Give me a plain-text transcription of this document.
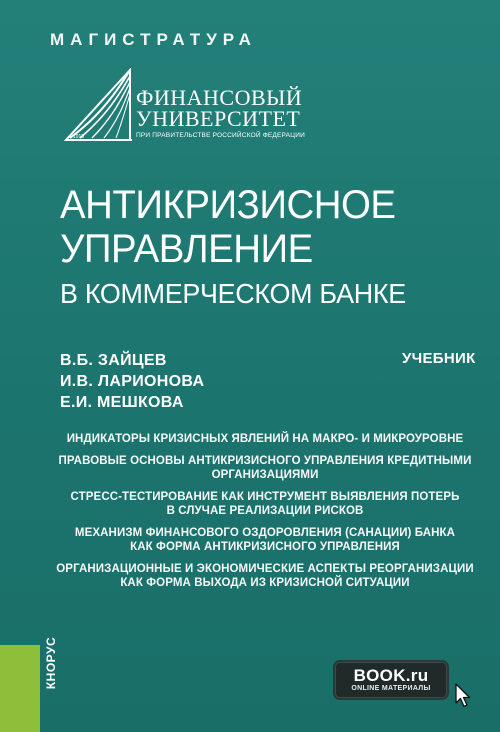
МАГИСТРАТУРА
1919
ФИНАНСОВЫЙ
УНИВЕРСИТЕТ
ПРИ ПРАВИТЕЛЬСТВЕ РОССИЙСКОЙ ФЕДЕРАЦИИ
АНТИКРИЗИСНОЕ
УПРАВЛЕНИЕ
В КОММЕРЧЕСКОМ БАНКЕ
В.Б. ЗАЙЦЕВ
И.В. ЛАРИОНОВА
Е.И. МЕШКОВА
УЧЕБНИК
ИНДИКАТОРЫ КРИЗИСНЫХ ЯВЛЕНИЙ НА МАКРО- И МИКРОУРОВНЕ
ПРАВОВЫЕ ОСНОВЫ АНТИКРИЗИСНОГО УПРАВЛЕНИЯ КРЕДИТНЫМИ
ОРГАНИЗАЦИЯМИ
СТРЕСС-ТЕСТИРОВАНИЕ КАК ИНСТРУМЕНТ ВЫЯВЛЕНИЯ ПОТЕРЬ
В СЛУЧАЕ РЕАЛИЗАЦИИ РИСКОВ
МЕХАНИЗМ ФИНАНСОВОГО ОЗДОРОВЛЕНИЯ (САНАЦИИ) БАНКА
КАК ФОРМА АНТИКРИЗИСНОГО УПРАВЛЕНИЯ
ОРГАНИЗАЦИОННЫЕ И ЭКОНОМИЧЕСКИЕ АСПЕКТЫ РЕОРГАНИЗАЦИИ
КАК ФОРМА ВЫХОДА ИЗ КРИЗИСНОЙ СИТУАЦИИ
КНОРУС	BOOK.ru
ONLINE МАТЕРИАЛЫ
